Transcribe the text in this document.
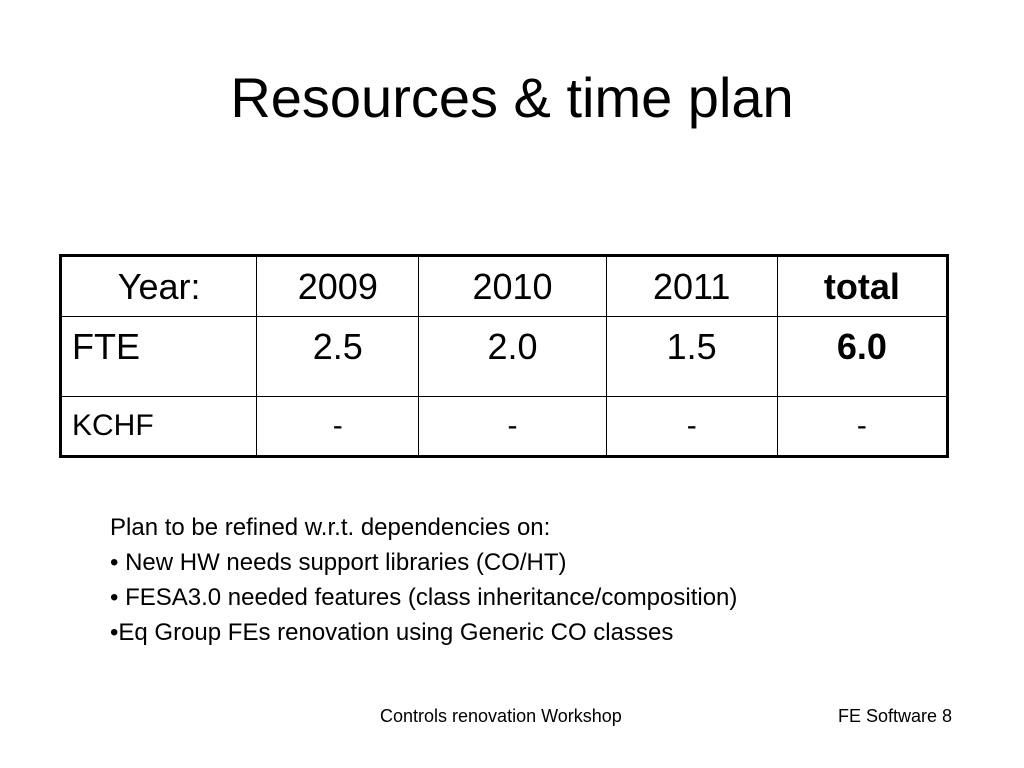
Resources & time plan
Year:	2009	2010	2011	total
FTE	2.5	2.0	1.5	6.0
KCHF	-	-	-	-
Plan to be refined w.r.t. dependencies on:
• New HW needs support libraries (CO/HT)
• FESA3.0 needed features (class inheritance/composition)
•Eq Group FEs renovation using Generic CO classes
Controls renovation Workshop	FE Software 8
